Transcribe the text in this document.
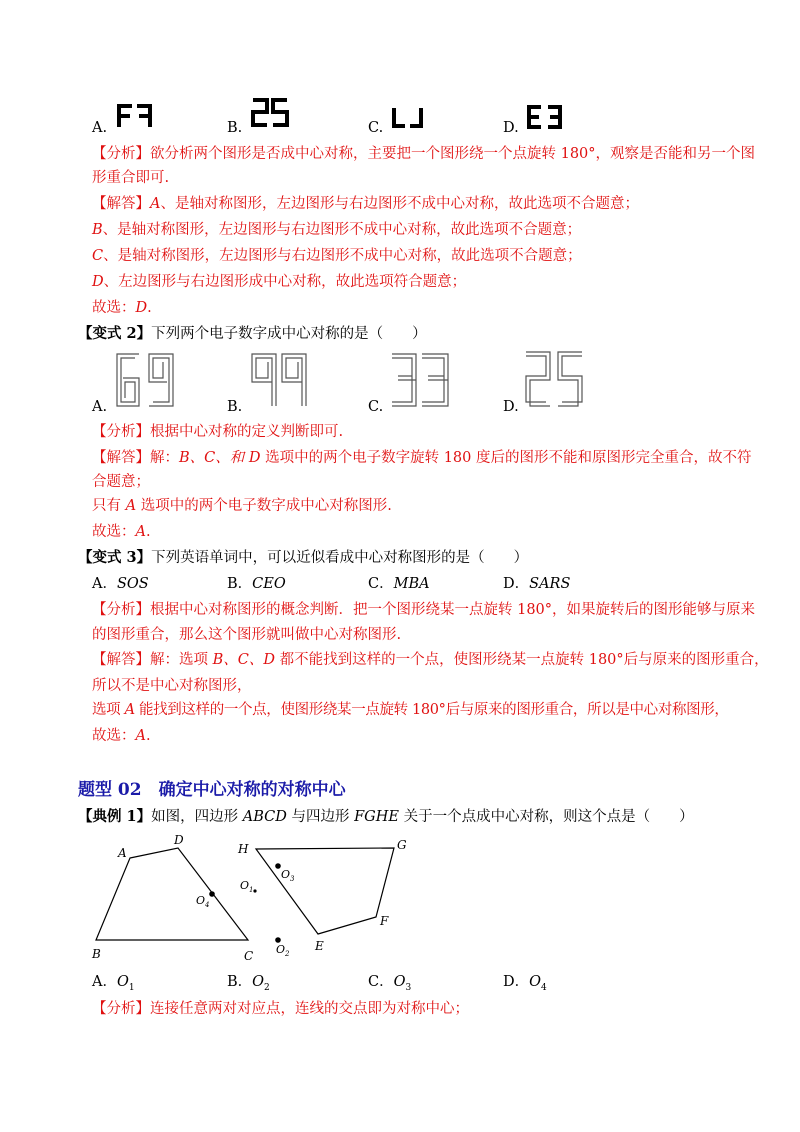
A.	B.	C.	D.
【分析】欲分析两个图形是否成中心对称，主要把一个图形绕一个点旋转 180°，观察是否能和另一个图
形重合即可.
【解答】A、是轴对称图形，左边图形与右边图形不成中心对称，故此选项不合题意；
B、是轴对称图形，左边图形与右边图形不成中心对称，故此选项不合题意；
C、是轴对称图形，左边图形与右边图形不成中心对称，故此选项不合题意；
D、左边图形与右边图形成中心对称，故此选项符合题意；
故选：D.
【变式 2】下列两个电子数字成中心对称的是（　　）
A.	B.	C.	D.
【分析】根据中心对称的定义判断即可.
【解答】解：B、C、和 D 选项中的两个电子数字旋转 180 度后的图形不能和原图形完全重合，故不符
合题意；
只有 A 选项中的两个电子数字成中心对称图形.
故选：A.
【变式 3】下列英语单词中，可以近似看成中心对称图形的是（　　）
A．SOS	B．CEO	C．MBA	D．SARS
【分析】根据中心对称图形的概念判断．把一个图形绕某一点旋转 180°，如果旋转后的图形能够与原来
的图形重合，那么这个图形就叫做中心对称图形.
【解答】解：选项 B、C、D 都不能找到这样的一个点，使图形绕某一点旋转 180°后与原来的图形重合，
所以不是中心对称图形，
选项 A 能找到这样的一个点，使图形绕某一点旋转 180°后与原来的图形重合，所以是中心对称图形，
故选：A.
题型 02　确定中心对称的对称中心
【典例 1】如图，四边形 ABCD 与四边形 FGHE 关于一个点成中心对称，则这个点是（　　）
A
D
B	C
H	G
F
E
$O_4$
$O_3$
$O_1$
$O_2$
A．$O_1$	B．$O_2$	C．$O_3$	D．$O_4$
【分析】连接任意两对对应点，连线的交点即为对称中心；
